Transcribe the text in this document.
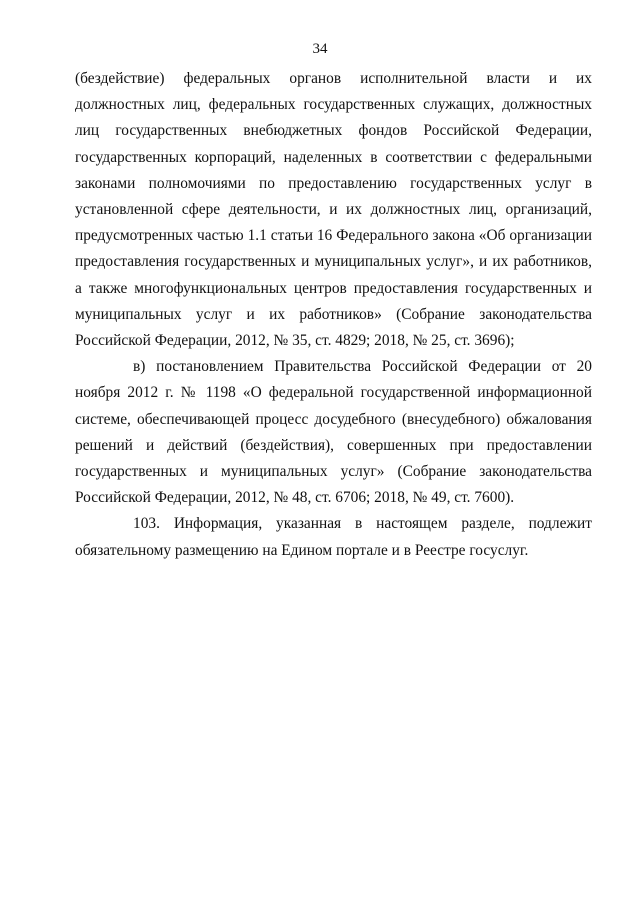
34

(бездействие) федеральных органов исполнительной власти и их должностных лиц, федеральных государственных служащих, должностных лиц государственных внебюджетных фондов Российской Федерации, государственных корпораций, наделенных в соответствии с федеральными законами полномочиями по предоставлению государственных услуг в установленной сфере деятельности, и их должностных лиц, организаций, предусмотренных частью 1.1 статьи 16 Федерального закона «Об организации предоставления государственных и муниципальных услуг», и их работников, а также многофункциональных центров предоставления государственных и муниципальных услуг и их работников» (Собрание законодательства Российской Федерации, 2012, № 35, ст. 4829; 2018, № 25, ст. 3696);

в) постановлением Правительства Российской Федерации от 20 ноября 2012 г. № 1198 «О федеральной государственной информационной системе, обеспечивающей процесс досудебного (внесудебного) обжалования решений и действий (бездействия), совершенных при предоставлении государственных и муниципальных услуг» (Собрание законодательства Российской Федерации, 2012, № 48, ст. 6706; 2018, № 49, ст. 7600).

103. Информация, указанная в настоящем разделе, подлежит обязательному размещению на Едином портале и в Реестре госуслуг.
